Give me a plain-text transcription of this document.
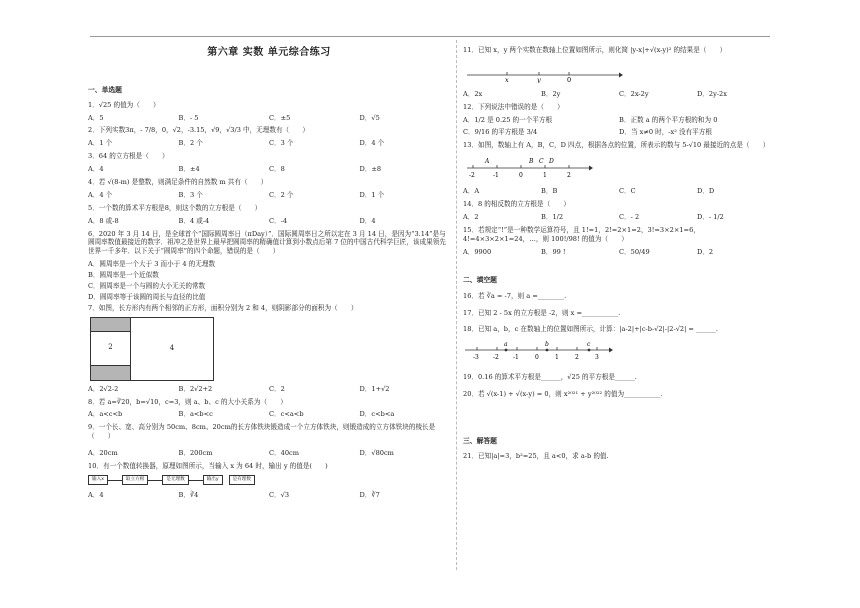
第六章 实数 单元综合练习
一、单选题
1．√25 的值为（　　）
A．5	B．- 5	C．±5	D．√5
2．下列实数3π，- 7/8，0，√2，-3.15，√9，√3/3 中，无理数有（　　）
A．1 个	B．2 个	C．3 个	D．4 个
3．64 的立方根是（　　）
A．4	B．±4	C．8	D．±8
4．若 √(8-m) 是整数，则满足条件的自然数 m 共有（　　）
A．4 个	B．3 个	C．2 个	D．1 个
5．一个数的算术平方根是8，则这个数的立方根是（　　）
A．8 或-8	B．4 或-4	C．-4	D．4
6．2020 年 3 月 14 日，是全球首个“国际圆周率日（πDay）”．国际圆周率日之所以定在 3 月 14 日，是因为“3.14”是与圆周率数值最接近的数字．祖冲之是世界上最早把圆周率的精确值计算到小数点后第 7 位的中国古代科学巨匠，该成果领先世界一千多年．以下关于“圆周率”的四个命题，错误的是（　　）
A．圆周率是一个大于 3 而小于 4 的无理数
B．圆周率是一个近似数
C．圆周率是一个与圆的大小无关的常数
D．圆周率等于该圆的周长与直径的比值
7．如图，长方形内有两个相邻的正方形，面积分别为 2 和 4，则阴影部分的面积为（　　）
2	4
A．2√2-2	B．2√2+2	C．2	D．1+√2
8．若 a=∛20，b=√10，c=3，则 a、b、c 的大小关系为（　　）
A．a<c<b	B．a<b<c	C．c<a<b	D．c<b<a
9．一个长、宽、高分别为 50cm、8cm、20cm的长方体铁块锻造成一个立方体铁块，则锻造成的立方体铁块的棱长是（　　）
A．20cm	B．200cm	C．40cm	D．√80cm
10．有一个数值转换器，原理如图所示，当输入 x 为 64 时，输出 y 的值是(　　)
输入x	取立方根	是无理数	输出y	是有理数
A．4	B．∛4	C．√3	D．∛7
11．已知 x，y 两个实数在数轴上位置如图所示，则化简 |y-x|+√(x-y)² 的结果是（　　）
x	y	0
A．2x	B．2y	C．2x-2y	D．2y-2x
12．下列说法中错误的是（　　）
A．1/2 是 0.25 的一个平方根	B．正数 a 的两个平方根的和为 0
C．9/16 的平方根是 3/4	D．当 x≠0 时，-x² 没有平方根
13．如图，数轴上有 A，B，C，D 四点，根据各点的位置，所表示的数与 5-√10 最接近的点是（　　）
A	B C D
-2	-1	0	1	2
A．A	B．B	C．C	D．D
14．8 的相反数的立方根是（　　）
A．2	B．1/2	C．- 2	D．- 1/2
15．若规定“!”是一种数学运算符号，且 1!=1，2!=2×1=2，3!=3×2×1=6，4!=4×3×2×1=24，…，则 100!/98! 的值为（　　）
A．9900	B．99 !	C．50/49	D．2
二、填空题
16．若 ∛a = -7，则 a =________.
17．已知 2 - 5x 的立方根是 -2，则 x =___________.
18．已知 a，b，c 在数轴上的位置如图所示，计算：|a-2|+|c-b-√2|-|2-√2| = ______.
a	b	c
-3 -2 -1	0	1	2	3
19．0.16 的算术平方根是______，√25 的平方根是______.
20．若 √(x-1) + √(x-y) = 0，则 x²⁰²¹ + y²⁰²² 的值为___________.
三、解答题
21．已知|a|=3，b²=25，且 a<0，求 a-b 的值.
